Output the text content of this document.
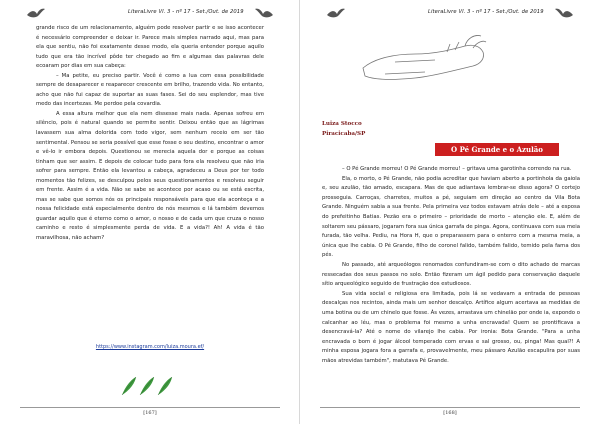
LiteraLivre Vl. 3 - nº 17 - Set./Out. de 2019

grande risco de um relacionamento, alguém pode resolver partir e se isso acontecer é necessário compreender e deixar ir. Parece mais simples narrado aqui, mas para ela que sentiu, não foi exatamente desse modo, ela queria entender porque aquilo tudo que era tão incrível pôde ter chegado ao fim e algumas das palavras dele ecoaram por dias em sua cabeça:

– Ma petite, eu preciso partir. Você é como a lua com essa possibilidade sempre de desaparecer e reaparecer crescente em brilho, trazendo vida. No entanto, acho que não fui capaz de suportar as suas fases. Sei do seu esplendor, mas tive medo das incertezas. Me perdoe pela covardia.

A essa altura melhor que ela nem dissesse mais nada. Apenas sofreu em silêncio, pois é natural quando se permite sentir. Deixou então que as lágrimas lavassem sua alma dolorida com todo vigor, sem nenhum receio em ser tão sentimental. Pensou se seria possível que esse fosse o seu destino, encontrar o amor e vê-lo ir embora depois. Questionou se merecia aquela dor e porque as coisas tinham que ser assim. E depois de colocar tudo para fora ela resolveu que não iria sofrer para sempre. Então ela levantou a cabeça, agradeceu a Deus por ter todo momentos tão felizes, se desculpou pelos seus questionamentos e resolveu seguir em frente. Assim é a vida. Não se sabe se acontece por acaso ou se está escrita, mas se sabe que somos nós os principais responsáveis para que ela aconteça e a nossa felicidade está especialmente dentro de nós mesmos e lá também devemos guardar aquilo que é eterno como o amor, o nosso e de cada um que cruza o nosso caminho e resto é simplesmente perda de vida. E a vida?! Ah! A vida é tão maravilhosa, não acham?

https://www.instagram.com/luiza.moura.ef/
[167]
LiteraLivre Vl. 3 - nº 17 - Set./Out. de 2019
Luiza Stocco
Piracicaba/SP
O Pé Grande e o Azulão

– O Pé Grande morreu! O Pé Grande morreu! – gritava uma garotinha correndo na rua.

Ela, o morto, o Pé Grande, não podia acreditar que haviam aberto a portinhola da gaiola e, seu azulão, tão amado, escapara. Mas de que adiantava lembrar-se disso agora? O cortejo prosseguia. Carroças, charretes, muitos a pé, seguiam em direção ao centro da Vila Bota Grande. Ninguém sabia a sua frente. Pela primeira vez todos estavam atrás dele – até a esposa do prefeitinho Batias. Pezão era o primeiro – prioridade de morto – atenção ele. E, além de soltarem seu pássaro, jogaram fora sua única garrafa de pinga. Agora, continuava com sua meia furada, tão velha. Pediu, na Hora H, que o preparassem para o enterro com a mesma meia, a única que lhe cabia. O Pé Grande, filho de coronel falido, também falido, temido pela fama dos pés.

No passado, até arqueólogos renomados confundiram-se com o dito achado de marcas ressecadas dos seus passos no solo. Então fizeram um ágil pedido para conservação daquele sítio arqueológico seguido de frustração dos estudiosos.

Sua vida social e religiosa era limitada, pois lá se vedavam a entrada de pessoas descalças nos recintos, ainda mais um senhor descalço. Artífice algum acertava as medidas de uma botina ou de um chinelo que fosse. Às vezes, arrastava um chinelão por onde ia, expondo o calcanhar ao léu, mas o problema foi mesmo a unha encravada! Quem se prontificava a desencravá-la? Até o nome do vilarejo lhe cabia. Por ironia: Bota Grande. "Para a unha encravada o bom é jogar álcool temperado com ervas e sal grosso, ou, pinga! Mas qual?! A minha esposa jogara fora a garrafa e, provavelmente, meu pássaro Azulão escapulira por suas mãos atrevidas também", matutava Pé Grande.

[168]
